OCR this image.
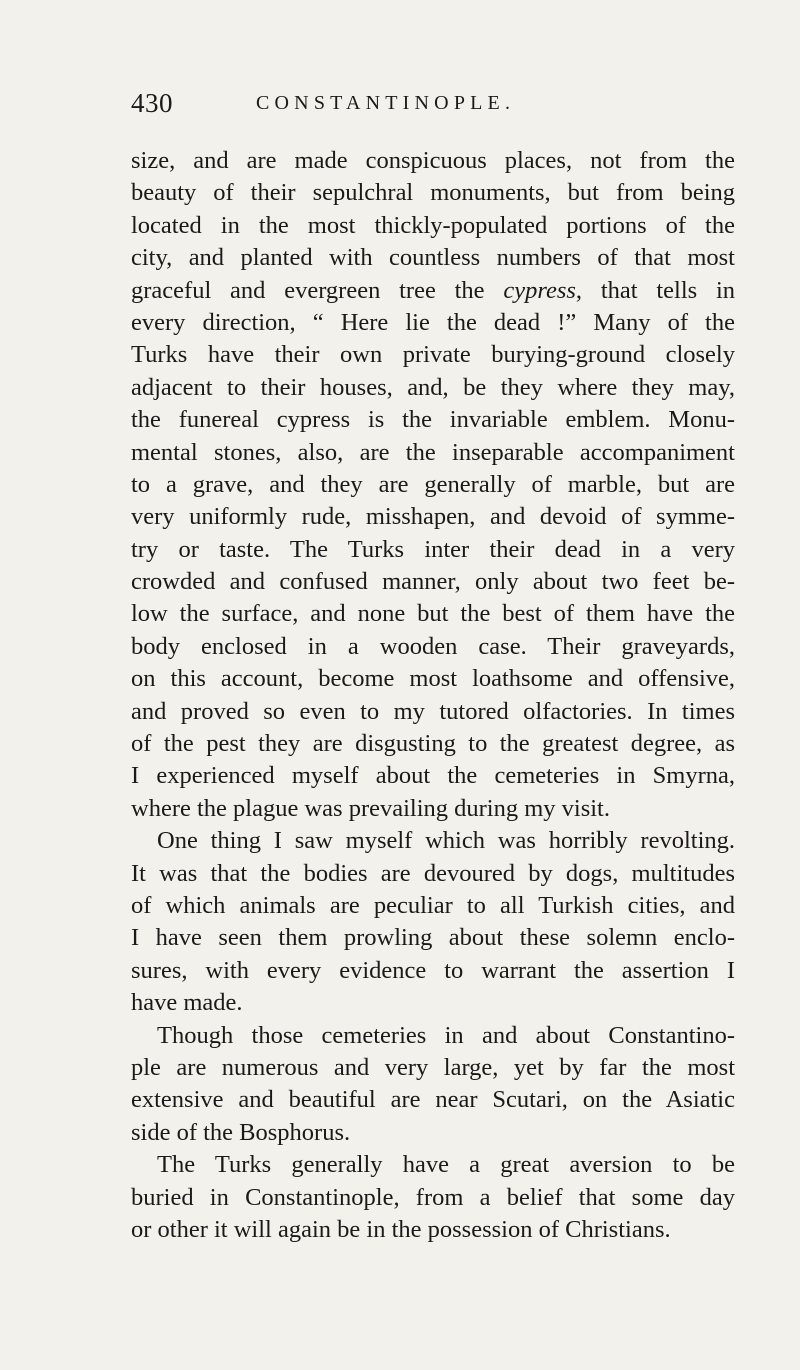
430	CONSTANTINOPLE.
size, and are made conspicuous places, not from the
beauty of their sepulchral monuments, but from being
located in the most thickly-populated portions of the
city, and planted with countless numbers of that most
graceful and evergreen tree the cypress, that tells in
every direction, “ Here lie the dead !” Many of the
Turks have their own private burying-ground closely
adjacent to their houses, and, be they where they may,
the funereal cypress is the invariable emblem. Monu-
mental stones, also, are the inseparable accompaniment
to a grave, and they are generally of marble, but are
very uniformly rude, misshapen, and devoid of symme-
try or taste. The Turks inter their dead in a very
crowded and confused manner, only about two feet be-
low the surface, and none but the best of them have the
body enclosed in a wooden case. Their graveyards,
on this account, become most loathsome and offensive,
and proved so even to my tutored olfactories. In times
of the pest they are disgusting to the greatest degree, as
I experienced myself about the cemeteries in Smyrna,
where the plague was prevailing during my visit.
One thing I saw myself which was horribly revolting.
It was that the bodies are devoured by dogs, multitudes
of which animals are peculiar to all Turkish cities, and
I have seen them prowling about these solemn enclo-
sures, with every evidence to warrant the assertion I
have made.
Though those cemeteries in and about Constantino-
ple are numerous and very large, yet by far the most
extensive and beautiful are near Scutari, on the Asiatic
side of the Bosphorus.
The Turks generally have a great aversion to be
buried in Constantinople, from a belief that some day
or other it will again be in the possession of Christians.
